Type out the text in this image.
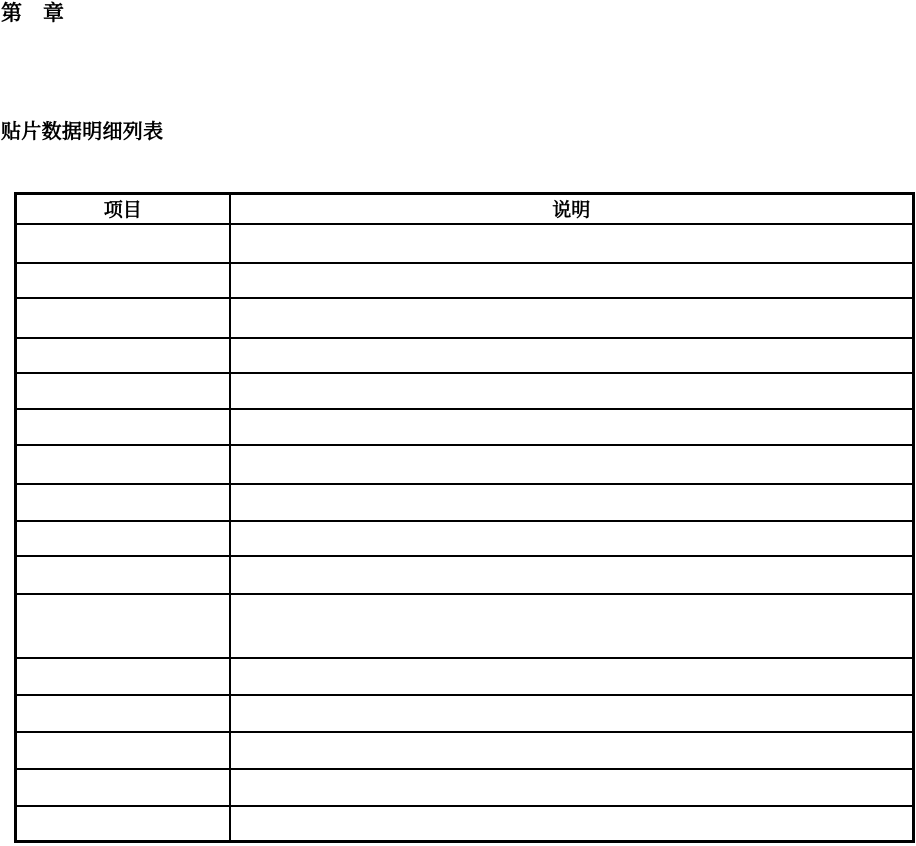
第　章
贴片数据明细列表
项目	说明
